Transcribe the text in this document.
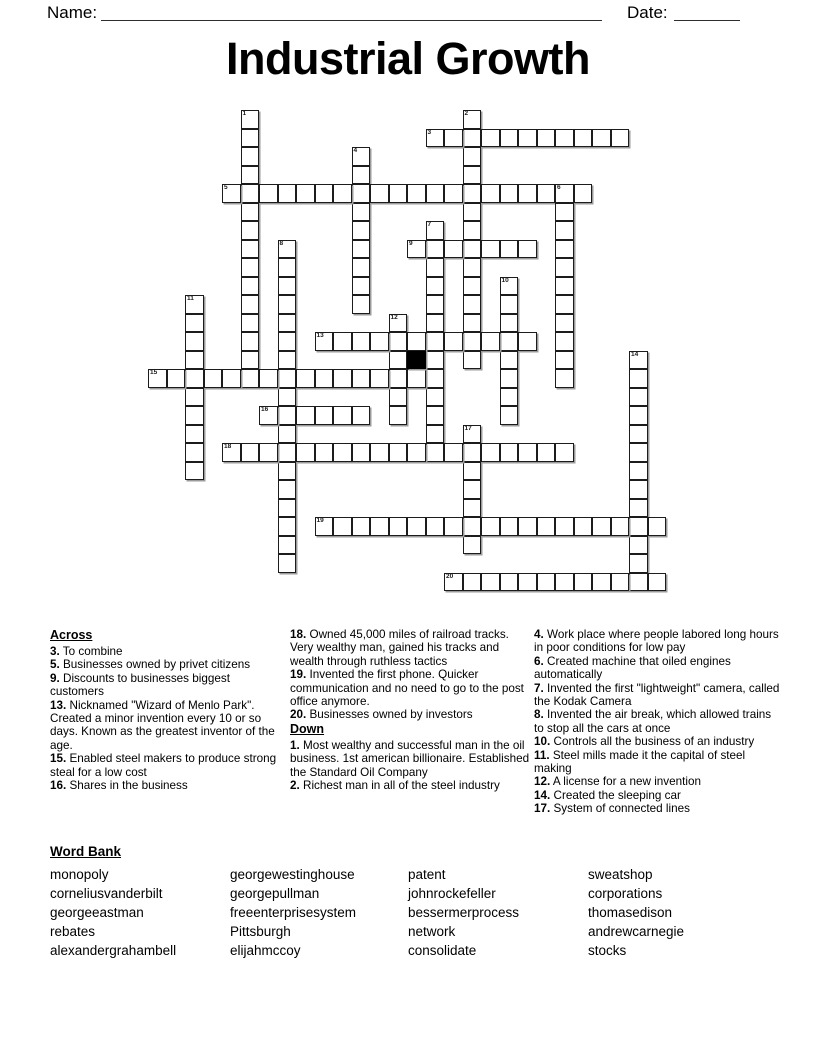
Name:	Date:
Industrial Growth
1	2
3
4
5	6
7
8	9
10
11
12
13
14
15
16
17
18
19
20
Across
3. To combine
5. Businesses owned by privet citizens
9. Discounts to businesses biggest customers
13. Nicknamed "Wizard of Menlo Park". Created a minor invention every 10 or so days. Known as the greatest inventor of the age.
15. Enabled steel makers to produce strong steal for a low cost
16. Shares in the business
18. Owned 45,000 miles of railroad tracks. Very wealthy man, gained his tracks and wealth through ruthless tactics
19. Invented the first phone. Quicker communication and no need to go to the post office anymore.
20. Businesses owned by investors
Down
1. Most wealthy and successful man in the oil business. 1st american billionaire. Established the Standard Oil Company
2. Richest man in all of the steel industry
4. Work place where people labored long hours in poor conditions for low pay
6. Created machine that oiled engines automatically
7. Invented the first "lightweight" camera, called the Kodak Camera
8. Invented the air break, which allowed trains to stop all the cars at once
10. Controls all the business of an industry
11. Steel mills made it the capital of steel making
12. A license for a new invention
14. Created the sleeping car
17. System of connected lines
Word Bank
monopoly
corneliusvanderbilt
georgeeastman
rebates
alexandergrahambell
georgewestinghouse
georgepullman
freeenterprisesystem
Pittsburgh
elijahmccoy
patent
johnrockefeller
bessermerprocess
network
consolidate
sweatshop
corporations
thomasedison
andrewcarnegie
stocks
